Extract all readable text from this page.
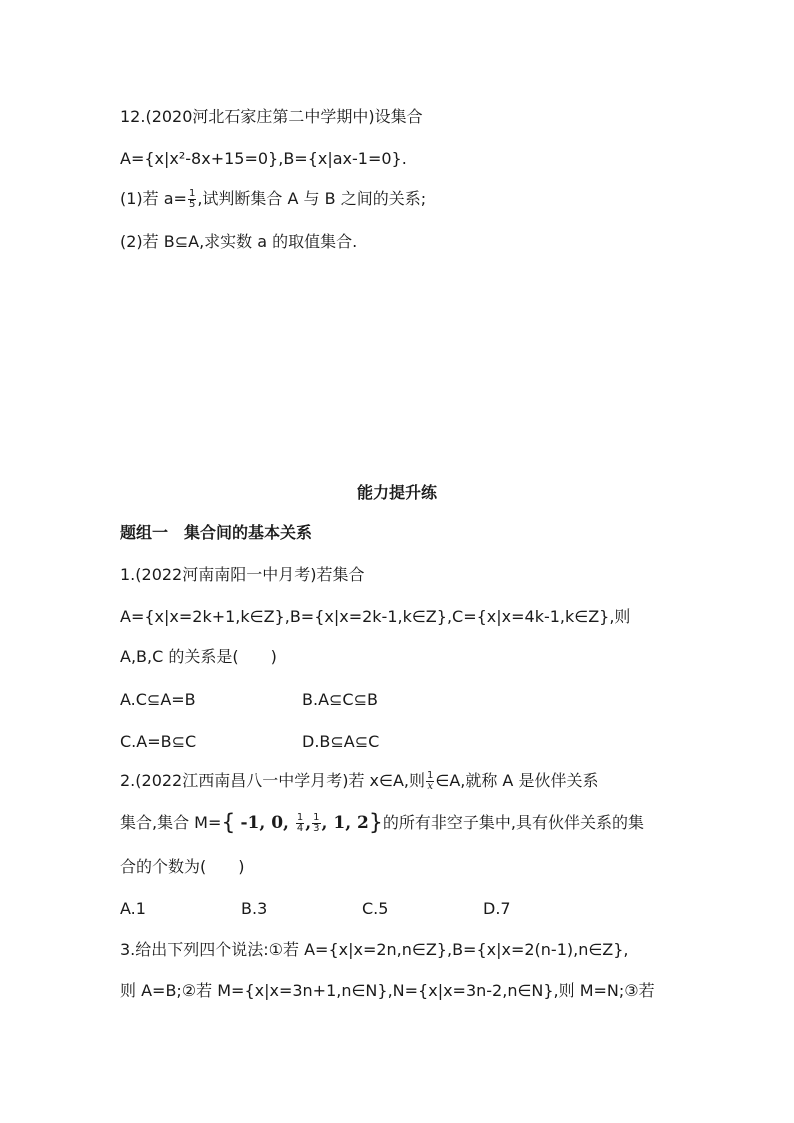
12.(2020河北石家庄第二中学期中)设集合
A={x|x²-8x+15=0},B={x|ax-1=0}.
(1)若 $a= \frac{1}{5}$ ,试判断集合 A 与 B 之间的关系;
(2)若 B⊆A,求实数 a 的取值集合.
能力提升练
题组一　集合间的基本关系
1.(2022河南南阳一中月考)若集合
A={x|x=2k+1,k∈Z},B={x|x=2k-1,k∈Z},C={x|x=4k-1,k∈Z},则
A,B,C 的关系是(　　)
A.C⊆A=B	B.A⊆C⊆B
C.A=B⊆C	D.B⊆A⊆C
2.(2022江西南昌八一中学月考)若 x∈A,则 $\frac{1}{x}$ ∈A,就称 A 是伙伴关系
集合,集合 M={ -1, 0, $\frac{1}{4}$ , $\frac{1}{3}$ , 1, 2}的所有非空子集中,具有伙伴关系的集
合的个数为(　　)
A.1	B.3	C.5	D.7
3.给出下列四个说法:①若 A={x|x=2n,n∈Z},B={x|x=2(n-1),n∈Z},
则 A=B;②若 M={x|x=3n+1,n∈N},N={x|x=3n-2,n∈N},则 M=N;③若
